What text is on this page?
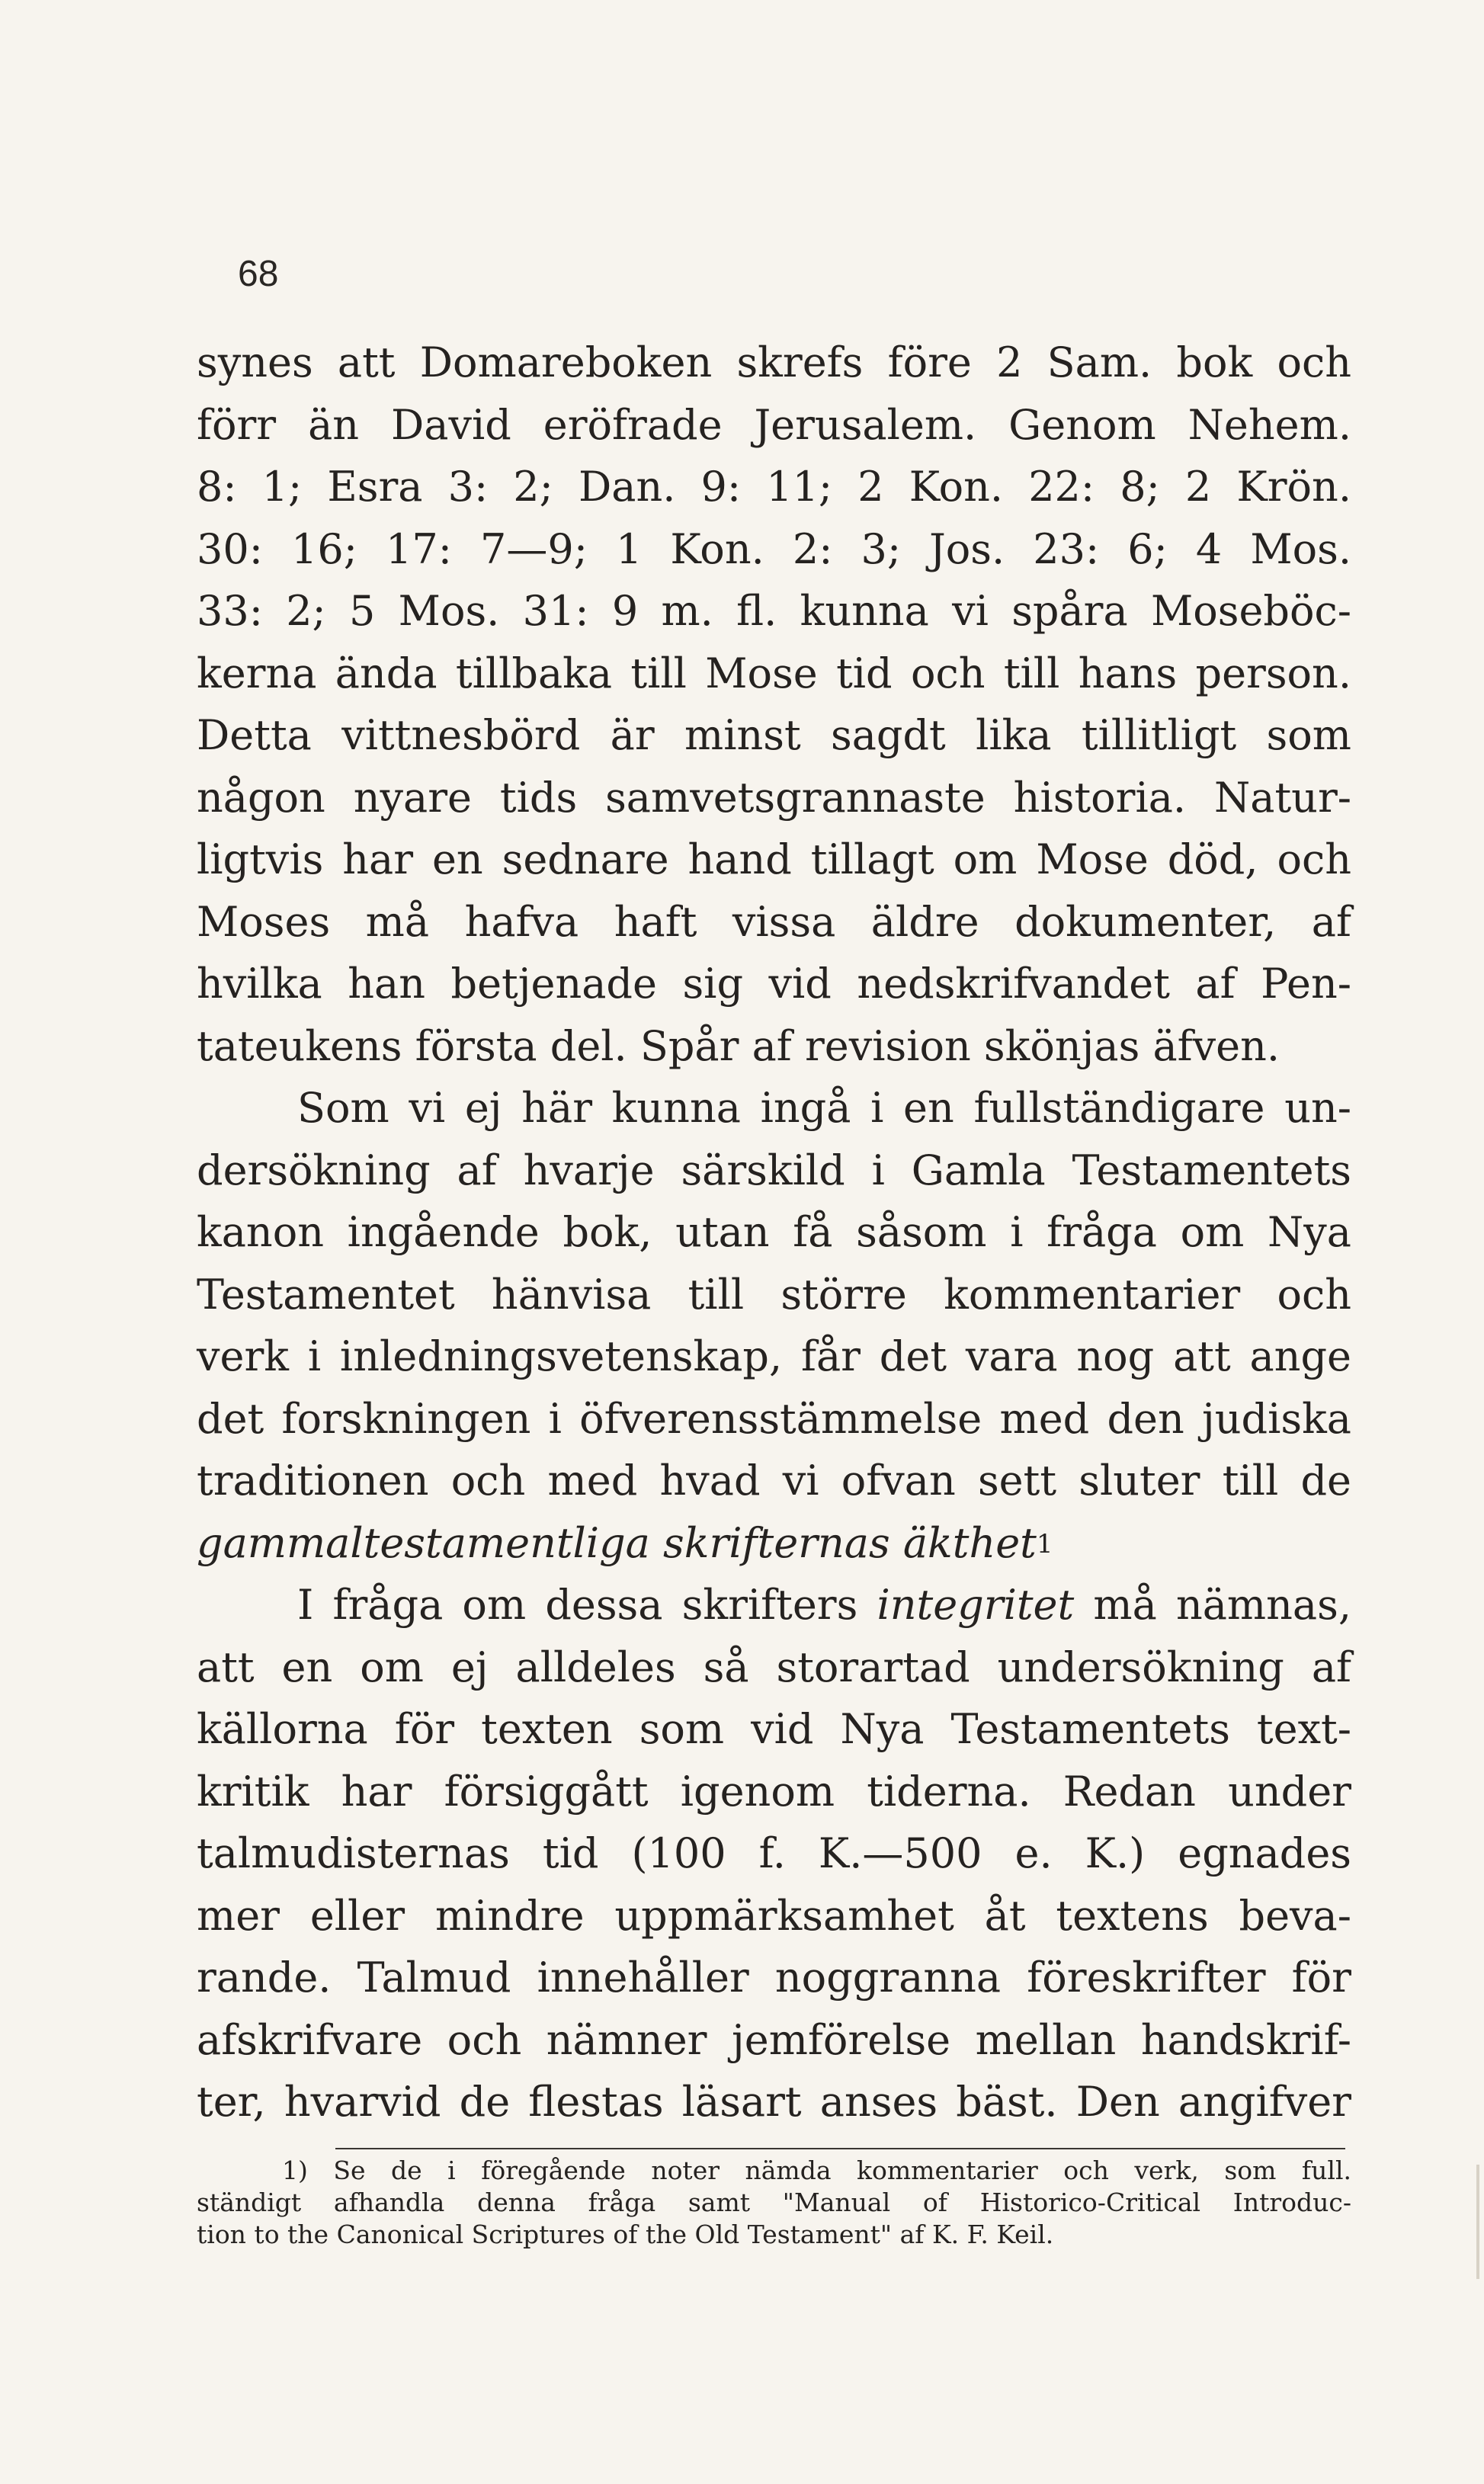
68
synes att Domareboken skrefs före 2 Sam. bok och
förr än David eröfrade Jerusalem. Genom Nehem.
8: 1; Esra 3: 2; Dan. 9: 11; 2 Kon. 22: 8; 2 Krön.
30: 16; 17: 7—9; 1 Kon. 2: 3; Jos. 23: 6; 4 Mos.
33: 2; 5 Mos. 31: 9 m. fl. kunna vi spåra Moseböc-
kerna ända tillbaka till Mose tid och till hans person.
Detta vittnesbörd är minst sagdt lika tillitligt som
någon nyare tids samvetsgrannaste historia. Natur-
ligtvis har en sednare hand tillagt om Mose död, och
Moses må hafva haft vissa äldre dokumenter, af
hvilka han betjenade sig vid nedskrifvandet af Pen-
tateukens första del. Spår af revision skönjas äfven.
Som vi ej här kunna ingå i en fullständigare un-
dersökning af hvarje särskild i Gamla Testamentets
kanon ingående bok, utan få såsom i fråga om Nya
Testamentet hänvisa till större kommentarier och
verk i inledningsvetenskap, får det vara nog att ange
det forskningen i öfverensstämmelse med den judiska
traditionen och med hvad vi ofvan sett sluter till de
gammaltestamentliga skrifternas äkthet1
I fråga om dessa skrifters integritet må nämnas,
att en om ej alldeles så storartad undersökning af
källorna för texten som vid Nya Testamentets text-
kritik har försiggått igenom tiderna. Redan under
talmudisternas tid (100 f. K.—500 e. K.) egnades
mer eller mindre uppmärksamhet åt textens beva-
rande. Talmud innehåller noggranna föreskrifter för
afskrifvare och nämner jemförelse mellan handskrif-
ter, hvarvid de flestas läsart anses bäst. Den angifver
1) Se de i föregående noter nämda kommentarier och verk, som full.
ständigt afhandla denna fråga samt "Manual of Historico-Critical Introduc-
tion to the Canonical Scriptures of the Old Testament" af K. F. Keil.
